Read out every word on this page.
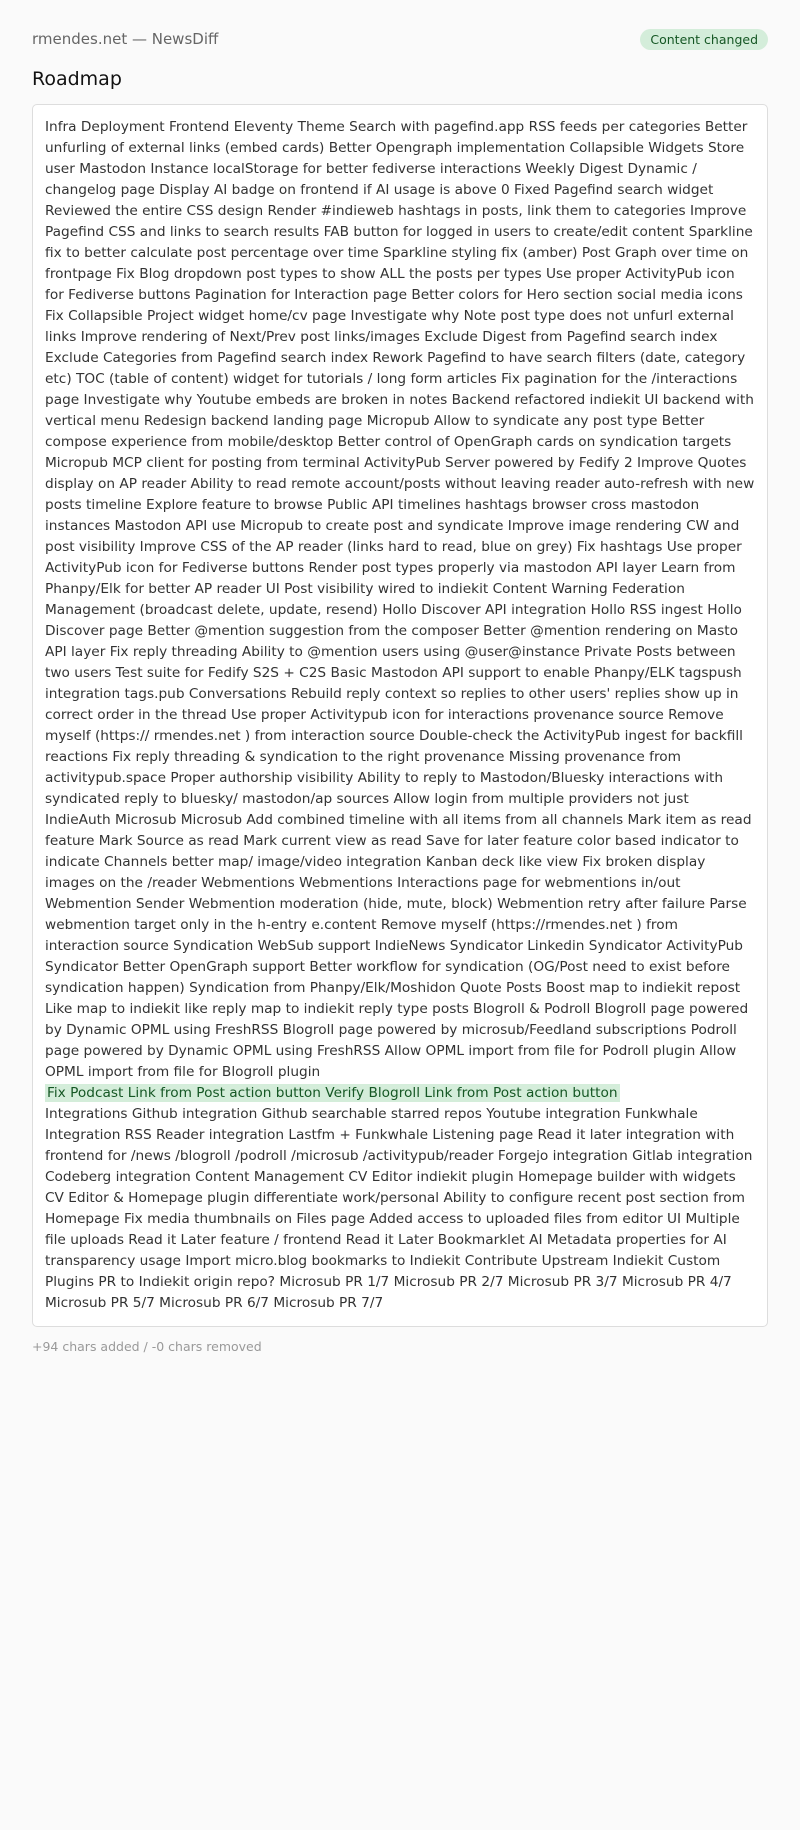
rmendes.net — NewsDiff	Content changed
Roadmap
Infra Deployment Frontend Eleventy Theme Search with pagefind.app RSS feeds per categories Better unfurling of external links (embed cards) Better Opengraph implementation Collapsible Widgets Store user Mastodon Instance localStorage for better fediverse interactions Weekly Digest Dynamic / changelog page Display AI badge on frontend if AI usage is above 0 Fixed Pagefind search widget Reviewed the entire CSS design Render #indieweb hashtags in posts, link them to categories Improve Pagefind CSS and links to search results FAB button for logged in users to create/edit content Sparkline fix to better calculate post percentage over time Sparkline styling fix (amber) Post Graph over time on frontpage Fix Blog dropdown post types to show ALL the posts per types Use proper ActivityPub icon for Fediverse buttons Pagination for Interaction page Better colors for Hero section social media icons Fix Collapsible Project widget home/cv page Investigate why Note post type does not unfurl external links Improve rendering of Next/Prev post links/images Exclude Digest from Pagefind search index Exclude Categories from Pagefind search index Rework Pagefind to have search filters (date, category etc) TOC (table of content) widget for tutorials / long form articles Fix pagination for the /interactions page Investigate why Youtube embeds are broken in notes Backend refactored indiekit UI backend with vertical menu Redesign backend landing page Micropub Allow to syndicate any post type Better compose experience from mobile/desktop Better control of OpenGraph cards on syndication targets Micropub MCP client for posting from terminal ActivityPub Server powered by Fedify 2 Improve Quotes display on AP reader Ability to read remote account/posts without leaving reader auto-refresh with new posts timeline Explore feature to browse Public API timelines hashtags browser cross mastodon instances Mastodon API use Micropub to create post and syndicate Improve image rendering CW and post visibility Improve CSS of the AP reader (links hard to read, blue on grey) Fix hashtags Use proper ActivityPub icon for Fediverse buttons Render post types properly via mastodon API layer Learn from Phanpy/Elk for better AP reader UI Post visibility wired to indiekit Content Warning Federation Management (broadcast delete, update, resend) Hollo Discover API integration Hollo RSS ingest Hollo Discover page Better @mention suggestion from the composer Better @mention rendering on Masto API layer Fix reply threading Ability to @mention users using @user@instance Private Posts between two users Test suite for Fedify S2S + C2S Basic Mastodon API support to enable Phanpy/ELK tagspush integration tags.pub Conversations Rebuild reply context so replies to other users' replies show up in correct order in the thread Use proper Activitypub icon for interactions provenance source Remove myself (https:// rmendes.net ) from interaction source Double-check the ActivityPub ingest for backfill reactions Fix reply threading & syndication to the right provenance Missing provenance from activitypub.space Proper authorship visibility Ability to reply to Mastodon/Bluesky interactions with syndicated reply to bluesky/ mastodon/ap sources Allow login from multiple providers not just IndieAuth Microsub Microsub Add combined timeline with all items from all channels Mark item as read feature Mark Source as read Mark current view as read Save for later feature color based indicator to indicate Channels better map/ image/video integration Kanban deck like view Fix broken display images on the /reader Webmentions Webmentions Interactions page for webmentions in/out Webmention Sender Webmention moderation (hide, mute, block) Webmention retry after failure Parse webmention target only in the h-entry e.content Remove myself (https://rmendes.net ) from interaction source Syndication WebSub support IndieNews Syndicator Linkedin Syndicator ActivityPub Syndicator Better OpenGraph support Better workflow for syndication (OG/Post need to exist before syndication happen) Syndication from Phanpy/Elk/Moshidon Quote Posts Boost map to indiekit repost Like map to indiekit like reply map to indiekit reply type posts Blogroll & Podroll Blogroll page powered by Dynamic OPML using FreshRSS Blogroll page powered by microsub/Feedland subscriptions Podroll page powered by Dynamic OPML using FreshRSS Allow OPML import from file for Podroll plugin Allow OPML import from file for Blogroll plugin
Fix Podcast Link from Post action button Verify Blogroll Link from Post action button
Integrations Github integration Github searchable starred repos Youtube integration Funkwhale Integration RSS Reader integration Lastfm + Funkwhale Listening page Read it later integration with frontend for /news /blogroll /podroll /microsub /activitypub/reader Forgejo integration Gitlab integration Codeberg integration Content Management CV Editor indiekit plugin Homepage builder with widgets CV Editor & Homepage plugin differentiate work/personal Ability to configure recent post section from Homepage Fix media thumbnails on Files page Added access to uploaded files from editor UI Multiple file uploads Read it Later feature / frontend Read it Later Bookmarklet AI Metadata properties for AI transparency usage Import micro.blog bookmarks to Indiekit Contribute Upstream Indiekit Custom Plugins PR to Indiekit origin repo? Microsub PR 1/7 Microsub PR 2/7 Microsub PR 3/7 Microsub PR 4/7 Microsub PR 5/7 Microsub PR 6/7 Microsub PR 7/7
+94 chars added / -0 chars removed
